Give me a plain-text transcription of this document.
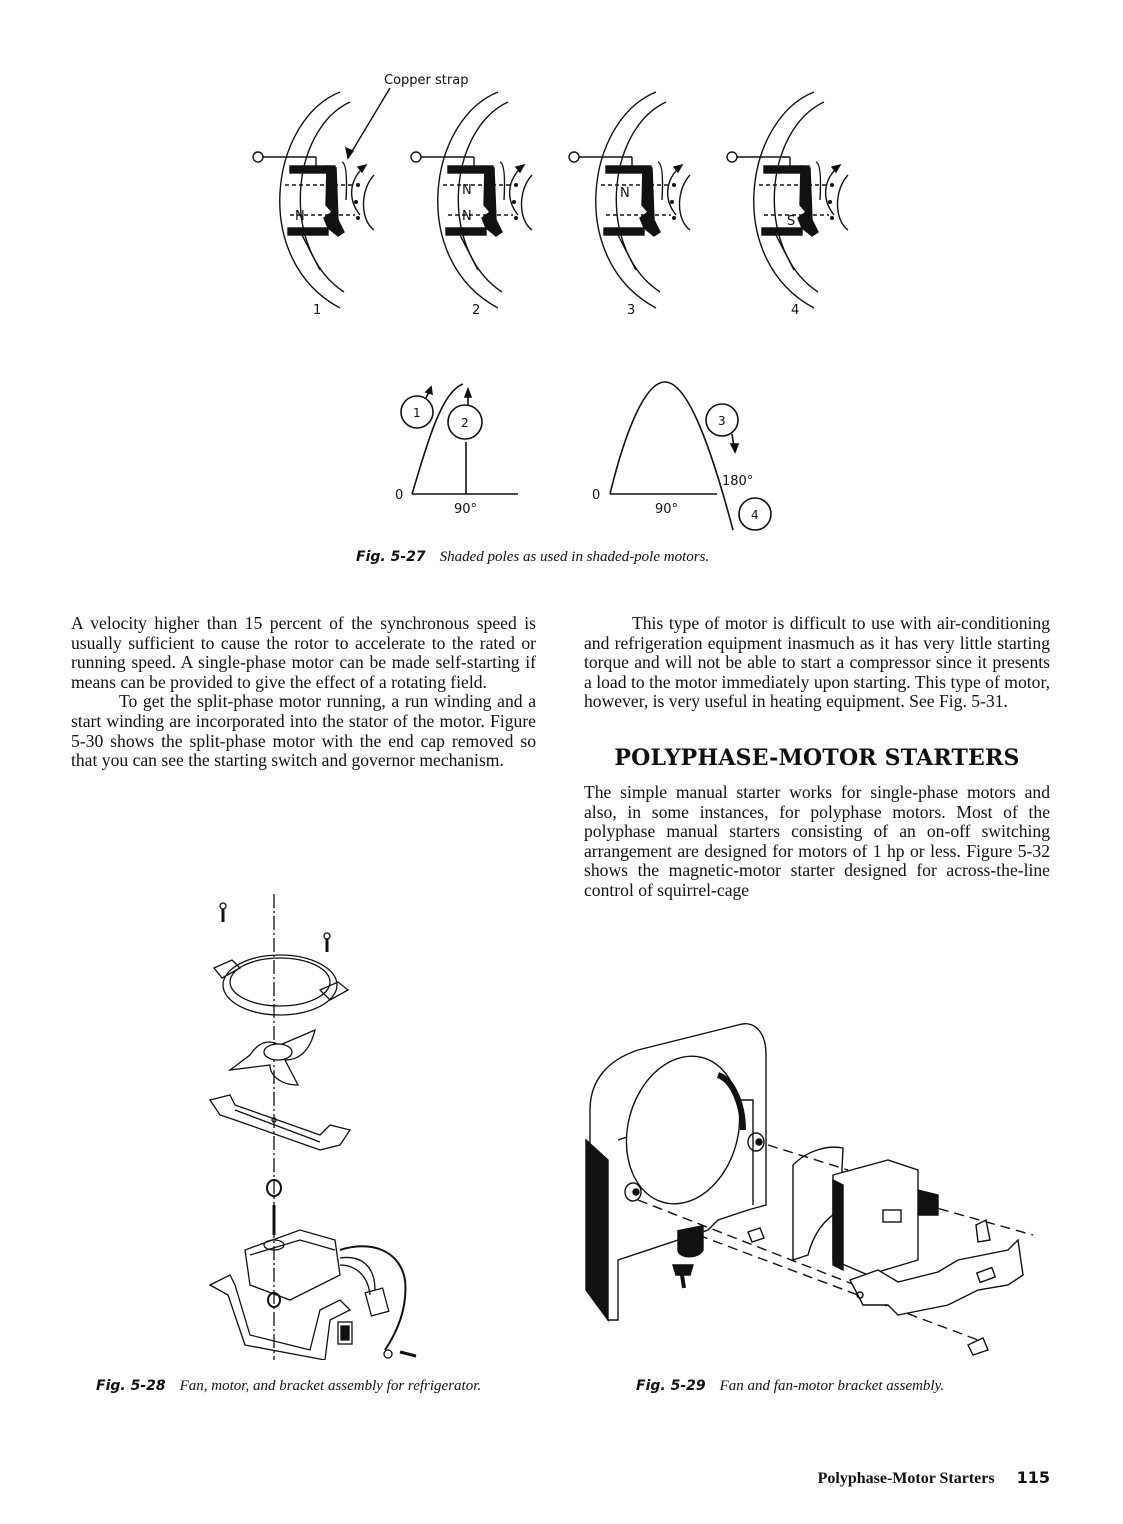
Copper strap
N
N
N
N
S
1	2	3	4
0
90°
0
90°
180°
1
2	3
4
Fig. 5-27 Shaded poles as used in shaded-pole motors.

A velocity higher than 15 percent of the synchronous speed is usually sufficient to cause the rotor to accelerate to the rated or running speed. A single-phase motor can be made self-starting if means can be provided to give the effect of a rotating field.

To get the split-phase motor running, a run winding and a start winding are incorporated into the stator of the motor. Figure 5-30 shows the split-phase motor with the end cap removed so that you can see the starting switch and governor mechanism.

This type of motor is difficult to use with air-conditioning and refrigeration equipment inasmuch as it has very little starting torque and will not be able to start a compressor since it presents a load to the motor immediately upon starting. This type of motor, however, is very useful in heating equipment. See Fig. 5-31.

POLYPHASE-MOTOR STARTERS

The simple manual starter works for single-phase motors and also, in some instances, for polyphase motors. Most of the polyphase manual starters consisting of an on-off switching arrangement are designed for motors of 1 hp or less. Figure 5-32 shows the magnetic-motor starter designed for across-the-line control of squirrel-cage

Fig. 5-28 Fan, motor, and bracket assembly for refrigerator.	Fig. 5-29 Fan and fan-motor bracket assembly.
Polyphase-Motor Starters 115
